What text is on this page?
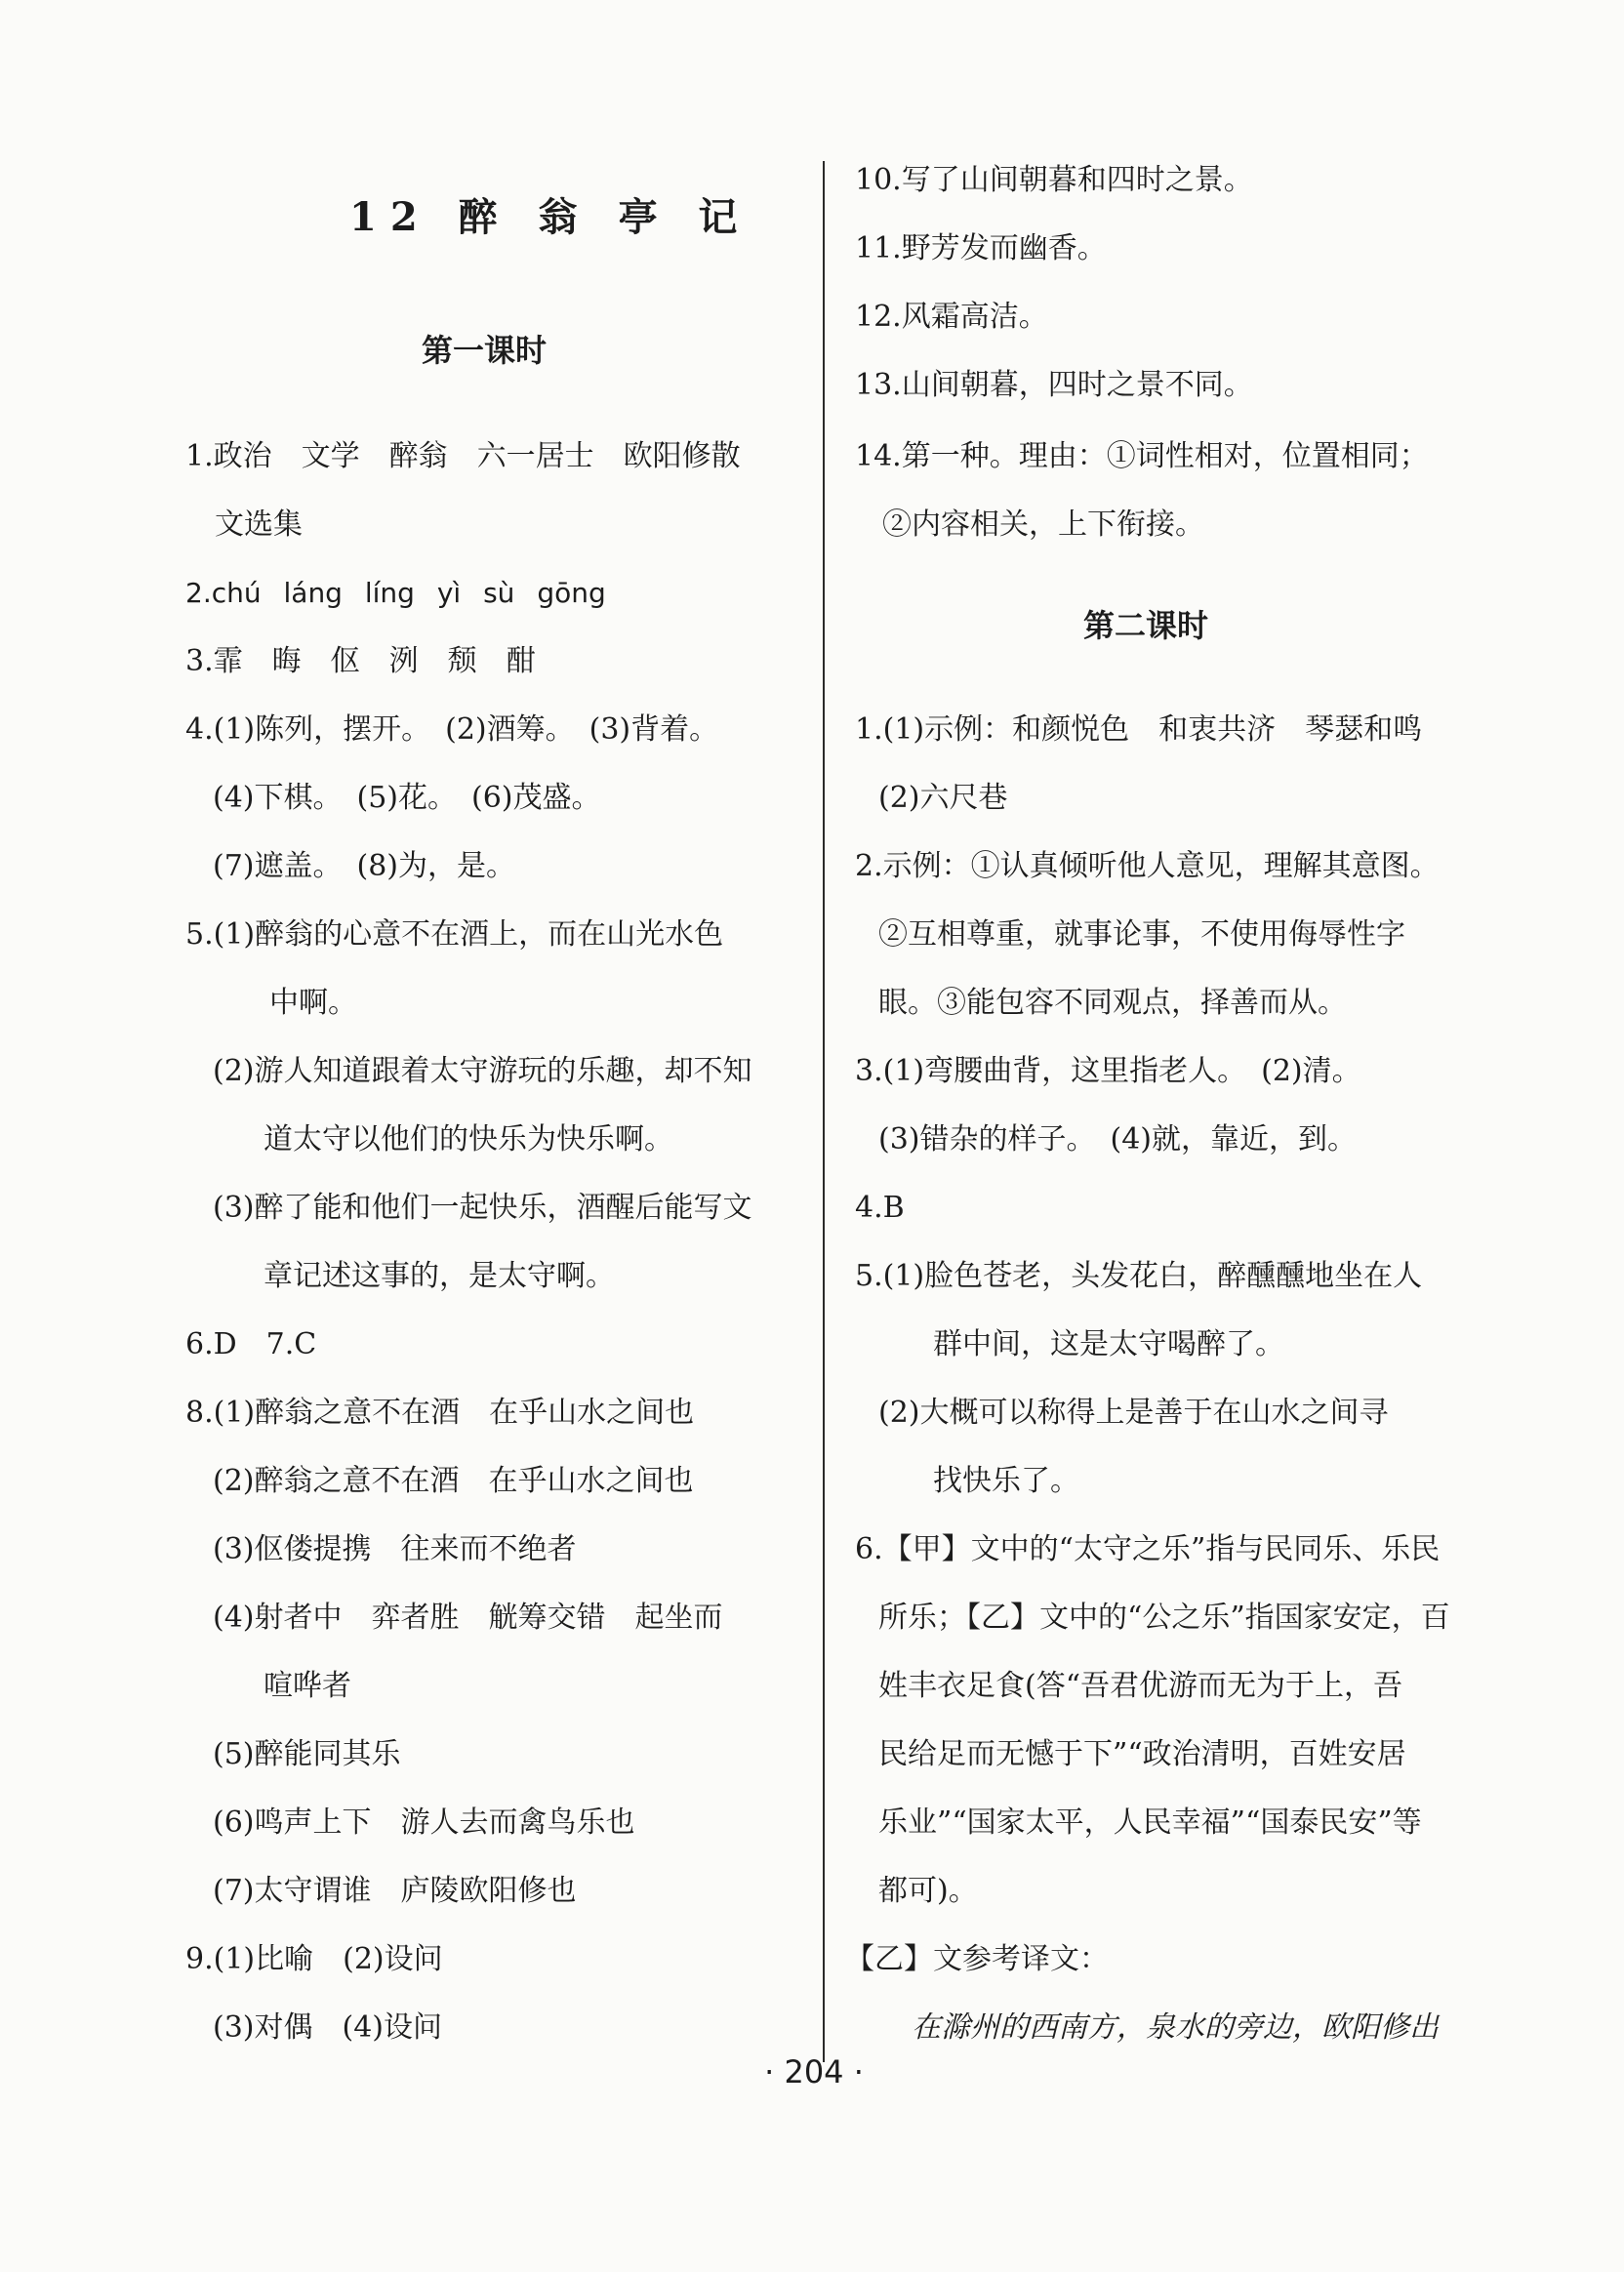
12 醉 翁 亭 记
第一课时
1.政治　文学　醉翁　六一居士　欧阳修散
文选集
2.chú láng líng yì sù gōng
3.霏　晦　伛　洌　颓　酣
4.(1)陈列，摆开。　(2)酒筹。　(3)背着。
(4)下棋。　(5)花。　(6)茂盛。
(7)遮盖。　(8)为，是。
5.(1)醉翁的心意不在酒上，而在山光水色
中啊。
(2)游人知道跟着太守游玩的乐趣，却不知
道太守以他们的快乐为快乐啊。
(3)醉了能和他们一起快乐，酒醒后能写文
章记述这事的，是太守啊。
6.D　7.C
8.(1)醉翁之意不在酒　在乎山水之间也
(2)醉翁之意不在酒　在乎山水之间也
(3)伛偻提携　往来而不绝者
(4)射者中　弈者胜　觥筹交错　起坐而
喧哗者
(5)醉能同其乐
(6)鸣声上下　游人去而禽鸟乐也
(7)太守谓谁　庐陵欧阳修也
9.(1)比喻　(2)设问
(3)对偶　(4)设问
10.写了山间朝暮和四时之景。
11.野芳发而幽香。
12.风霜高洁。
13.山间朝暮，四时之景不同。
14.第一种。理由：①词性相对，位置相同；
②内容相关，上下衔接。
第二课时
1.(1)示例：和颜悦色　和衷共济　琴瑟和鸣
(2)六尺巷
2.示例：①认真倾听他人意见，理解其意图。
②互相尊重，就事论事，不使用侮辱性字
眼。③能包容不同观点，择善而从。
3.(1)弯腰曲背，这里指老人。　(2)清。
(3)错杂的样子。　(4)就，靠近，到。
4.B
5.(1)脸色苍老，头发花白，醉醺醺地坐在人
群中间，这是太守喝醉了。
(2)大概可以称得上是善于在山水之间寻
找快乐了。
6.【甲】文中的“太守之乐”指与民同乐、乐民
所乐；【乙】文中的“公之乐”指国家安定，百
姓丰衣足食(答“吾君优游而无为于上，吾
民给足而无憾于下”“政治清明，百姓安居
乐业”“国家太平，人民幸福”“国泰民安”等
都可)。
【乙】文参考译文：
在滁州的西南方，泉水的旁边，欧阳修出
· 204 ·
